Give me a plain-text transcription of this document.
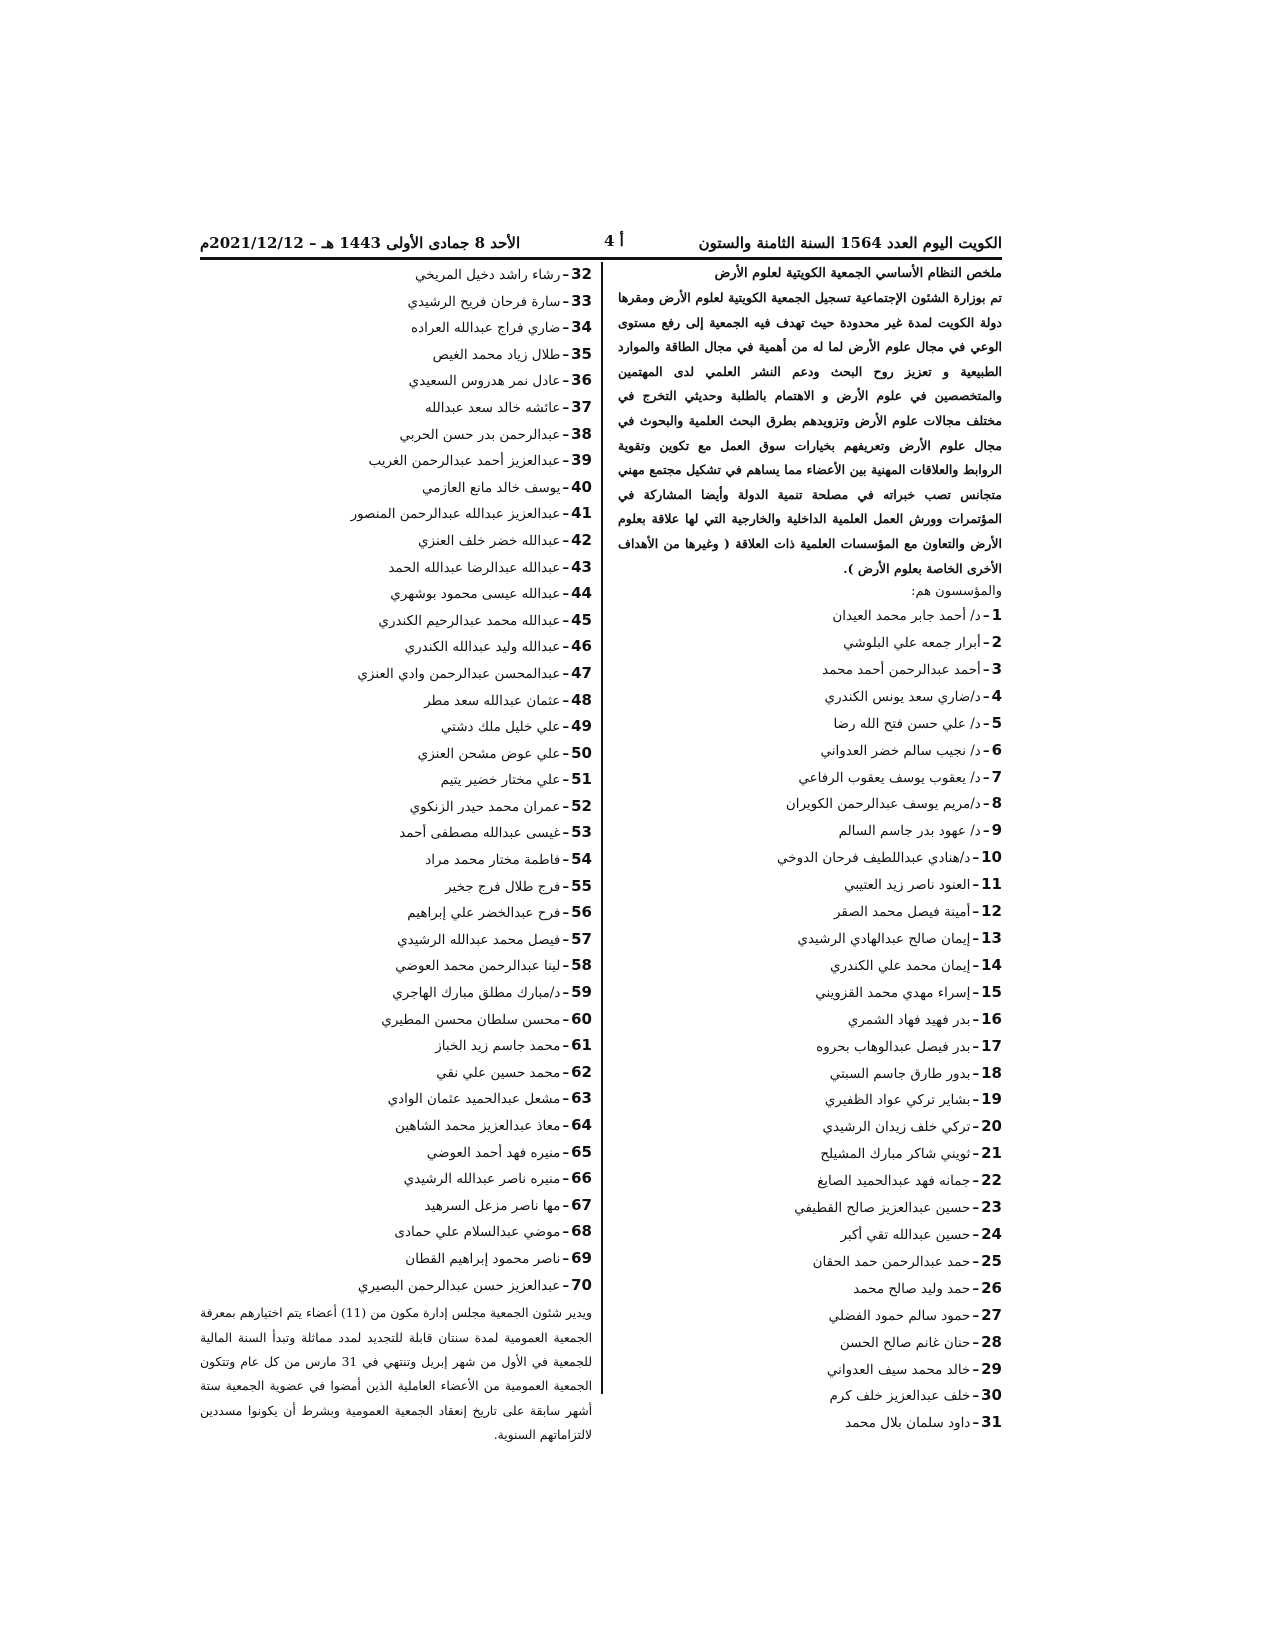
الكويت اليوم العدد 1564 السنة الثامنة والستون
أ 4
الأحد 8 جمادى الأولى 1443 هـ – 2021/12/12م
ملخص النظام الأساسي الجمعية الكويتية لعلوم الأرض
تم بوزارة الشئون الإجتماعية تسجيل الجمعية الكويتية لعلوم الأرض ومقرها دولة الكويت لمدة غير محدودة حيث تهدف فيه الجمعية إلى رفع مستوى الوعي في مجال علوم الأرض لما له من أهمية في مجال الطاقة والموارد الطبيعية و تعزيز روح البحث ودعم النشر العلمي لدى المهتمين والمتخصصين في علوم الأرض و الاهتمام بالطلبة وحديثي التخرج في مختلف مجالات علوم الأرض وتزويدهم بطرق البحث العلمية والبحوث في مجال علوم الأرض وتعريفهم بخيارات سوق العمل مع تكوين وتقوية الروابط والعلاقات المهنية بين الأعضاء مما يساهم في تشكيل مجتمع مهني متجانس تصب خبراته في مصلحة تنمية الدولة وأيضا المشاركة في المؤتمرات وورش العمل العلمية الداخلية والخارجية التي لها علاقة بعلوم الأرض والتعاون مع المؤسسات العلمية ذات العلاقة ( وغيرها من الأهداف الأخرى الخاصة بعلوم الأرض ).
والمؤسسون هم:
1
–
د/ أحمد جابر محمد العيدان
2
–
أبرار جمعه علي البلوشي
3
–
أحمد عبدالرحمن أحمد محمد
4
–
د/ضاري سعد يونس الكندري
5
–
د/ علي حسن فتح الله رضا
6
–
د/ نجيب سالم خضر العدواني
7
–
د/ يعقوب يوسف يعقوب الرفاعي
8
–
د/مريم يوسف عبدالرحمن الكويران
9
–
د/ عهود بدر جاسم السالم
10
–
د/هنادي عبداللطيف فرحان الدوخي
11
–
العنود ناصر زيد العتيبي
12
–
أمينة فيصل محمد الصقر
13
–
إيمان صالح عبدالهادي الرشيدي
14
–
إيمان محمد علي الكندري
15
–
إسراء مهدي محمد القزويني
16
–
بدر فهيد فهاد الشمري
17
–
بدر فيصل عبدالوهاب بحروه
18
–
بدور طارق جاسم السبتي
19
–
بشاير تركي عواد الظفيري
20
–
تركي خلف زيدان الرشيدي
21
–
ثويني شاكر مبارك المشيلح
22
–
جمانه فهد عبدالحميد الصايغ
23
–
حسين عبدالعزيز صالح القطيفي
24
–
حسين عبدالله تقي أكبر
25
–
حمد عبدالرحمن حمد الحقان
26
–
حمد وليد صالح محمد
27
–
حمود سالم حمود الفضلي
28
–
حنان غانم صالح الحسن
29
–
خالد محمد سيف العدواني
30
–
خلف عبدالعزيز خلف كرم
31
–
داود سلمان بلال محمد
32
–
رشاء راشد دخيل المريخي
33
–
سارة فرحان فريح الرشيدي
34
–
ضاري فراج عبدالله العراده
35
–
طلال زياد محمد الغيص
36
–
عادل نمر هدروس السعيدي
37
–
عائشه خالد سعد عبدالله
38
–
عبدالرحمن بدر حسن الحربي
39
–
عبدالعزيز أحمد عبدالرحمن الغريب
40
–
يوسف خالد مانع العازمي
41
–
عبدالعزيز عبدالله عبدالرحمن المنصور
42
–
عبدالله خضر خلف العنزي
43
–
عبدالله عبدالرضا عبدالله الحمد
44
–
عبدالله عيسى محمود بوشهري
45
–
عبدالله محمد عبدالرحيم الكندري
46
–
عبدالله وليد عبدالله الكندري
47
–
عبدالمحسن عبدالرحمن وادي العنزي
48
–
عثمان عبدالله سعد مطر
49
–
علي خليل ملك دشتي
50
–
علي عوض مشحن العنزي
51
–
علي مختار خضير يتيم
52
–
عمران محمد حيدر الزنكوي
53
–
غيسى عبدالله مصطفى أحمد
54
–
فاطمة مختار محمد مراد
55
–
فرج طلال فرج جخير
56
–
فرح عبدالخضر علي إبراهيم
57
–
فيصل محمد عبدالله الرشيدي
58
–
لينا عبدالرحمن محمد العوضي
59
–
د/مبارك مطلق مبارك الهاجري
60
–
محسن سلطان محسن المطيري
61
–
محمد جاسم زيد الخباز
62
–
محمد حسين علي نقي
63
–
مشعل عبدالحميد عثمان الوادي
64
–
معاذ عبدالعزيز محمد الشاهين
65
–
منيره فهد أحمد العوضي
66
–
منيره ناصر عبدالله الرشيدي
67
–
مها ناصر مزعل السرهيد
68
–
موضي عبدالسلام علي حمادى
69
–
ناصر محمود إبراهيم القطان
70
–
عبدالعزيز حسن عبدالرحمن البصيري
ويدير شئون الجمعية مجلس إدارة مكون من (11) أعضاء يتم اختيارهم بمعرفة الجمعية العمومية لمدة سنتان قابلة للتجديد لمدد مماثلة وتبدأ السنة المالية للجمعية في الأول من شهر إبريل وتنتهي في 31 مارس من كل عام وتتكون الجمعية العمومية من الأعضاء العاملية الذين أمضوا في عضوية الجمعية ستة أشهر سابقة على تاريخ إنعقاد الجمعية العمومية وبشرط أن يكونوا مسددين لالتزاماتهم السنوية.
